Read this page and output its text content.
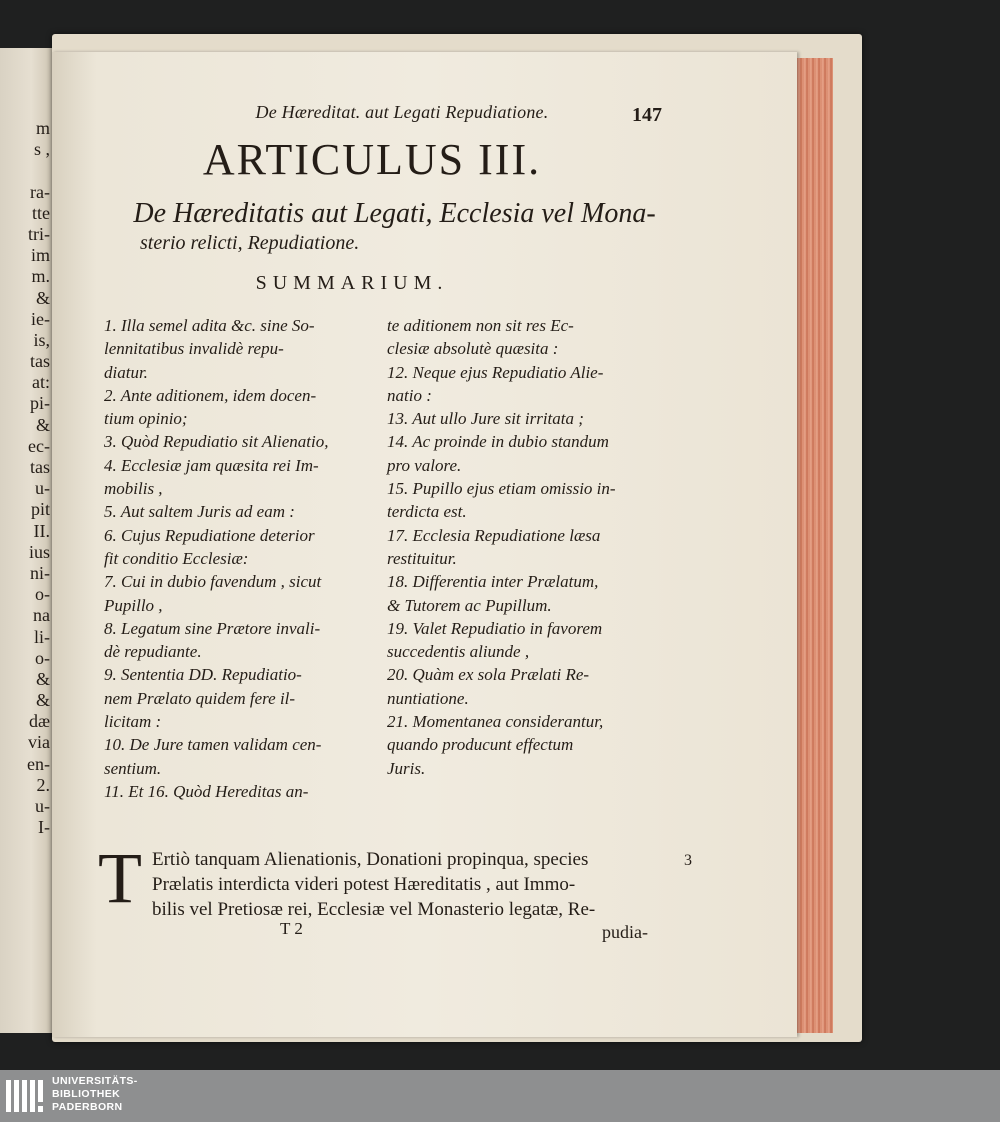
m
s ,
ra-
tte
tri-
im
m.
&
ie-
is,
tas
at:
pi-
&
ec-
tas
u-
pit
II.
ius
ni-
o-
na
li-
o-
&
&
dæ
via
en-
2.
u-
I-
De Hæreditat. aut Legati Repudiatione.	147
ARTICULUS III.
De Hæreditatis aut Legati, Ecclesia vel Mona-
sterio relicti, Repudiatione.
SUMMARIUM.
1. Illa semel adita &c. sine So-
lennitatibus invalidè repu-
diatur.
2. Ante aditionem, idem docen-
tium opinio;
3. Quòd Repudiatio sit Alienatio,
4. Ecclesiæ jam quæsita rei Im-
mobilis ,
5. Aut saltem Juris ad eam :
6. Cujus Repudiatione deterior
fit conditio Ecclesiæ:
7. Cui in dubio favendum , sicut
Pupillo ,
8. Legatum sine Prætore invali-
dè repudiante.
9. Sententia DD. Repudiatio-
nem Prælato quidem fere il-
licitam :
10. De Jure tamen validam cen-
sentium.
11. Et 16. Quòd Hereditas an-
te aditionem non sit res Ec-
clesiæ absolutè quæsita :
12. Neque ejus Repudiatio Alie-
natio :
13. Aut ullo Jure sit irritata ;
14. Ac proinde in dubio standum
pro valore.
15. Pupillo ejus etiam omissio in-
terdicta est.
17. Ecclesia Repudiatione læsa
restituitur.
18. Differentia inter Prælatum,
& Tutorem ac Pupillum.
19. Valet Repudiatio in favorem
succedentis aliunde ,
20. Quàm ex sola Prælati Re-
nuntiatione.
21. Momentanea considerantur,
quando producunt effectum
Juris.
T Ertiò tanquam Alienationis, Donationi propinqua, species
Prælatis interdicta videri potest Hæreditatis , aut Immo-
bilis vel Pretiosæ rei, Ecclesiæ vel Monasterio legatæ, Re-
3
T 2	pudia-
UNIVERSITÄTS-
BIBLIOTHEK
PADERBORN
